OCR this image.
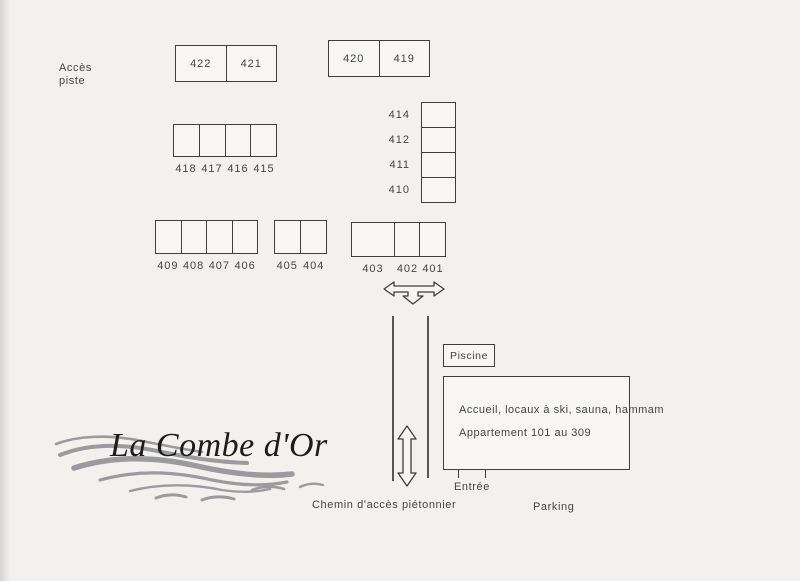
Accès
piste
422	421	420	419
414
412
411
410
418 417 416 415
409 408 407 406 405 404	403	402 401
Piscine
Accueil, locaux à ski, sauna, hammam
Appartement 101 au 309
Entrée
Parking
Chemin d'accès piétonnier
La Combe d'Or
